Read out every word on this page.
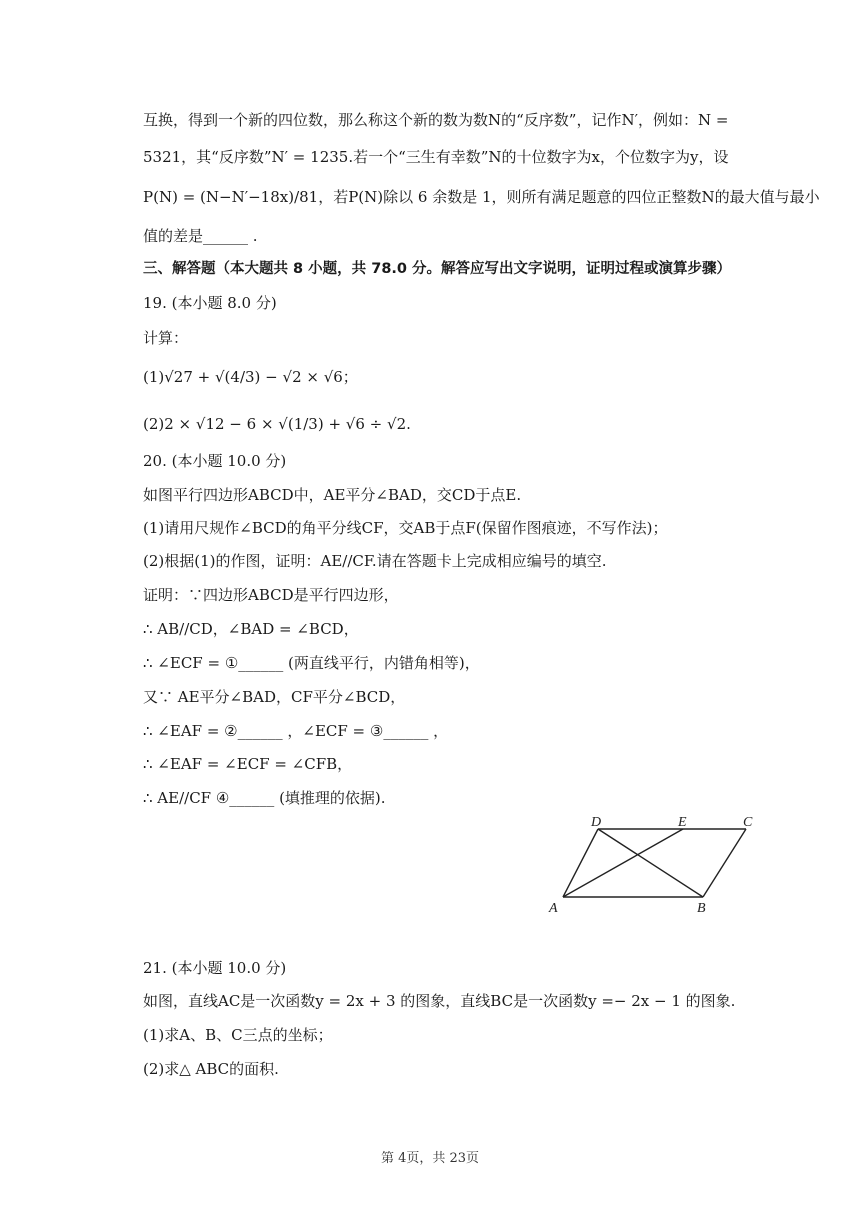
互换，得到一个新的四位数，那么称这个新的数为数N的“反序数”，记作N′，例如：N =
5321，其“反序数”N′ = 1235.若一个“三生有幸数”N的十位数字为x，个位数字为y，设
P(N) = (N−N′−18x)/81，若P(N)除以 6 余数是 1，则所有满足题意的四位正整数N的最大值与最小
值的差是______ .
三、解答题（本大题共 8 小题，共 78.0 分。解答应写出文字说明，证明过程或演算步骤）
19. (本小题 8.0 分)
计算：
(1)√27 + √(4/3) − √2 × √6；
(2)2 × √12 − 6 × √(1/3) + √6 ÷ √2.
20. (本小题 10.0 分)
如图平行四边形ABCD中，AE平分∠BAD，交CD于点E.
(1)请用尺规作∠BCD的角平分线CF，交AB于点F(保留作图痕迹，不写作法)；
(2)根据(1)的作图，证明：AE//CF.请在答题卡上完成相应编号的填空.
证明：∵四边形ABCD是平行四边形，
∴ AB//CD，∠BAD = ∠BCD，
∴ ∠ECF = ①______ (两直线平行，内错角相等)，
又∵ AE平分∠BAD，CF平分∠BCD，
∴ ∠EAF = ②______ ，∠ECF = ③______ ，
∴ ∠EAF = ∠ECF = ∠CFB，
∴ AE//CF ④______ (填推理的依据).
D	E	C
A	B
21. (本小题 10.0 分)
如图，直线AC是一次函数y = 2x + 3 的图象，直线BC是一次函数y =− 2x − 1 的图象.
(1)求A、B、C三点的坐标；
(2)求△ ABC的面积.
第 4页，共 23页
